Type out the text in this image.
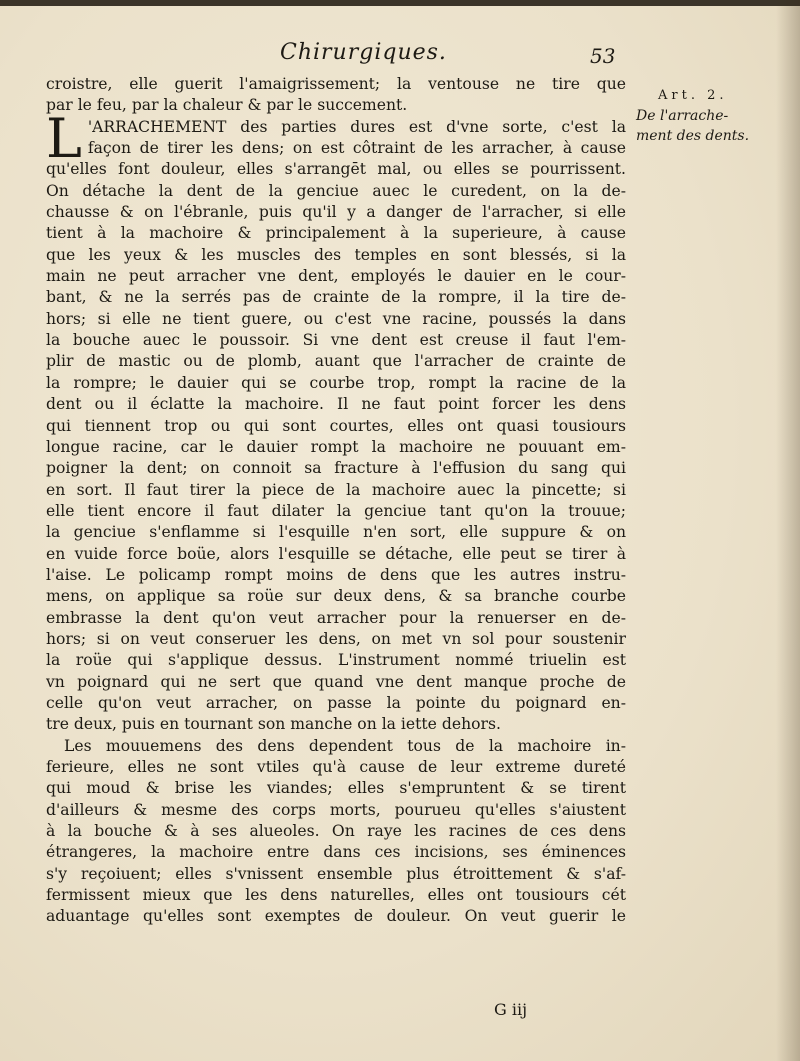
Chirurgiques.	53
croistre, elle guerit l'amaigrissement; la ventouse ne tire que
par le feu, par la chaleur & par le succement.
L 'ARRACHEMENT des parties dures est d'vne sorte, c'est la
façon de tirer les dens; on est côtraint de les arracher, à cause
qu'elles font douleur, elles s'arrangēt mal, ou elles se pourrissent.
On détache la dent de la genciue auec le curedent, on la de-
chausse & on l'ébranle, puis qu'il y a danger de l'arracher, si elle
tient à la machoire & principalement à la superieure, à cause
que les yeux & les muscles des temples en sont blessés, si la
main ne peut arracher vne dent, employés le dauier en le cour-
bant, & ne la serrés pas de crainte de la rompre, il la tire de-
hors; si elle ne tient guere, ou c'est vne racine, poussés la dans
la bouche auec le poussoir. Si vne dent est creuse il faut l'em-
plir de mastic ou de plomb, auant que l'arracher de crainte de
la rompre; le dauier qui se courbe trop, rompt la racine de la
dent ou il éclatte la machoire. Il ne faut point forcer les dens
qui tiennent trop ou qui sont courtes, elles ont quasi tousiours
longue racine, car le dauier rompt la machoire ne pouuant em-
poigner la dent; on connoit sa fracture à l'effusion du sang qui
en sort. Il faut tirer la piece de la machoire auec la pincette; si
elle tient encore il faut dilater la genciue tant qu'on la trouue;
la genciue s'enflamme si l'esquille n'en sort, elle suppure & on
en vuide force boüe, alors l'esquille se détache, elle peut se tirer à
l'aise. Le policamp rompt moins de dens que les autres instru-
mens, on applique sa roüe sur deux dens, & sa branche courbe
embrasse la dent qu'on veut arracher pour la renuerser en de-
hors; si on veut conseruer les dens, on met vn sol pour soustenir
la roüe qui s'applique dessus. L'instrument nommé triuelin est
vn poignard qui ne sert que quand vne dent manque proche de
celle qu'on veut arracher, on passe la pointe du poignard en-
tre deux, puis en tournant son manche on la iette dehors.
Les mouuemens des dens dependent tous de la machoire in-
ferieure, elles ne sont vtiles qu'à cause de leur extreme dureté
qui moud & brise les viandes; elles s'empruntent & se tirent
d'ailleurs & mesme des corps morts, pourueu qu'elles s'aiustent
à la bouche & à ses alueoles. On raye les racines de ces dens
étrangeres, la machoire entre dans ces incisions, ses éminences
s'y reçoiuent; elles s'vnissent ensemble plus étroittement & s'af-
fermissent mieux que les dens naturelles, elles ont tousiours cét
aduantage qu'elles sont exemptes de douleur. On veut guerir le
Art. 2.
De l'arrache-
ment des dents.
G iij
